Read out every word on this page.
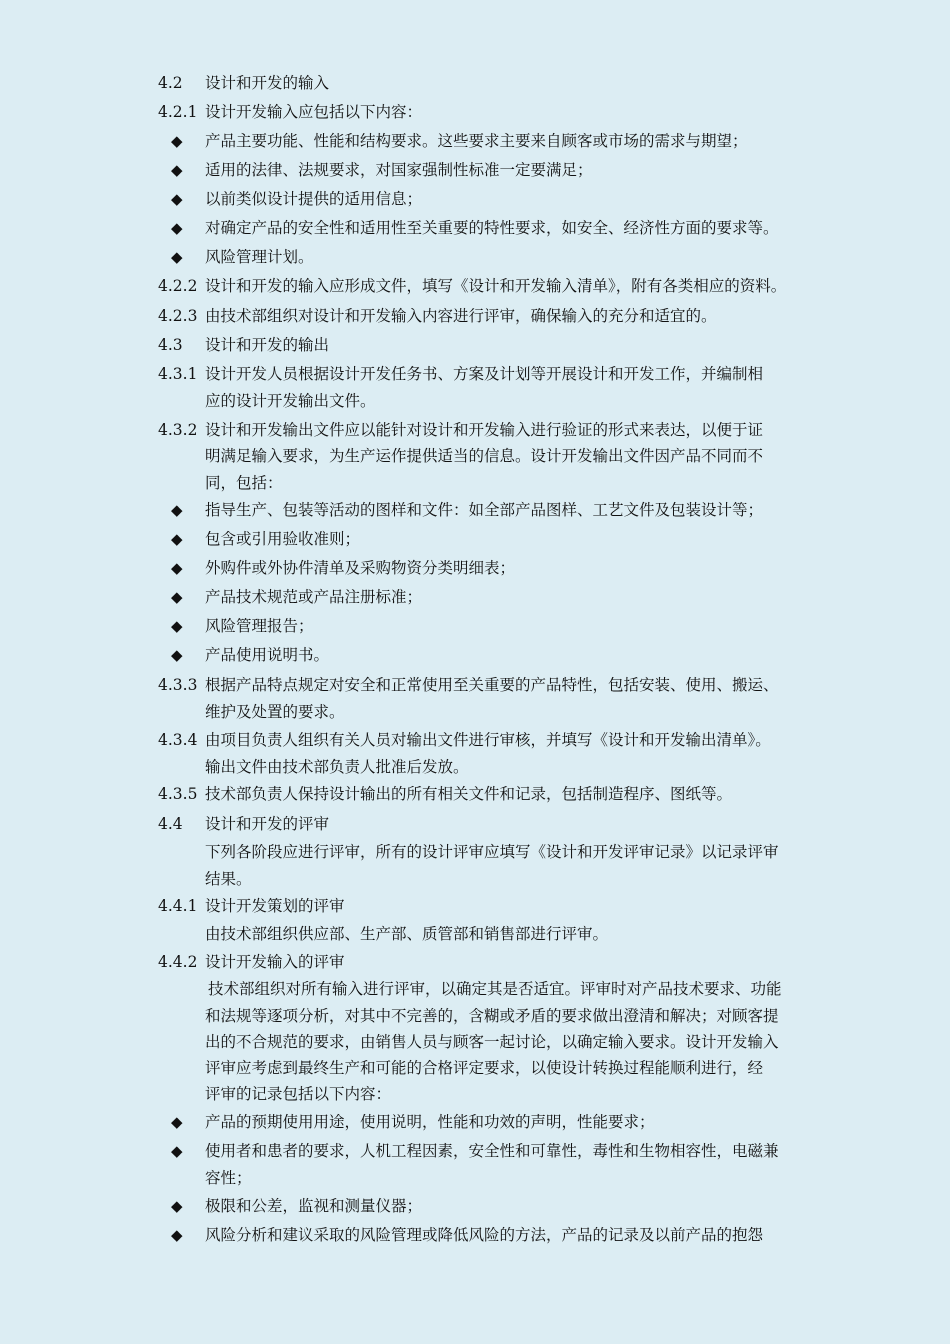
4.2 设计和开发的输入
4.2.1 设计开发输入应包括以下内容：
◆ 产品主要功能、性能和结构要求。这些要求主要来自顾客或市场的需求与期望；
◆ 适用的法律、法规要求，对国家强制性标准一定要满足；
◆ 以前类似设计提供的适用信息；
◆ 对确定产品的安全性和适用性至关重要的特性要求，如安全、经济性方面的要求等。
◆ 风险管理计划。
4.2.2 设计和开发的输入应形成文件，填写《设计和开发输入清单》，附有各类相应的资料。
4.2.3 由技术部组织对设计和开发输入内容进行评审，确保输入的充分和适宜的。
4.3 设计和开发的输出
4.3.1 设计开发人员根据设计开发任务书、方案及计划等开展设计和开发工作，并编制相
应的设计开发输出文件。
4.3.2 设计和开发输出文件应以能针对设计和开发输入进行验证的形式来表达，以便于证
明满足输入要求，为生产运作提供适当的信息。设计开发输出文件因产品不同而不
同，包括：
◆ 指导生产、包装等活动的图样和文件：如全部产品图样、工艺文件及包装设计等；
◆ 包含或引用验收准则；
◆ 外购件或外协件清单及采购物资分类明细表；
◆ 产品技术规范或产品注册标准；
◆ 风险管理报告；
◆ 产品使用说明书。
4.3.3 根据产品特点规定对安全和正常使用至关重要的产品特性，包括安装、使用、搬运、
维护及处置的要求。
4.3.4 由项目负责人组织有关人员对输出文件进行审核，并填写《设计和开发输出清单》。
输出文件由技术部负责人批准后发放。
4.3.5 技术部负责人保持设计输出的所有相关文件和记录，包括制造程序、图纸等。
4.4 设计和开发的评审
下列各阶段应进行评审，所有的设计评审应填写《设计和开发评审记录》以记录评审
结果。
4.4.1 设计开发策划的评审
由技术部组织供应部、生产部、质管部和销售部进行评审。
4.4.2 设计开发输入的评审
技术部组织对所有输入进行评审，以确定其是否适宜。评审时对产品技术要求、功能
和法规等逐项分析，对其中不完善的，含糊或矛盾的要求做出澄清和解决；对顾客提
出的不合规范的要求，由销售人员与顾客一起讨论，以确定输入要求。设计开发输入
评审应考虑到最终生产和可能的合格评定要求，以使设计转换过程能顺利进行，经
评审的记录包括以下内容：
◆ 产品的预期使用用途，使用说明，性能和功效的声明，性能要求；
◆ 使用者和患者的要求，人机工程因素，安全性和可靠性，毒性和生物相容性，电磁兼
容性；
◆ 极限和公差，监视和测量仪器；
◆ 风险分析和建议采取的风险管理或降低风险的方法，产品的记录及以前产品的抱怨
